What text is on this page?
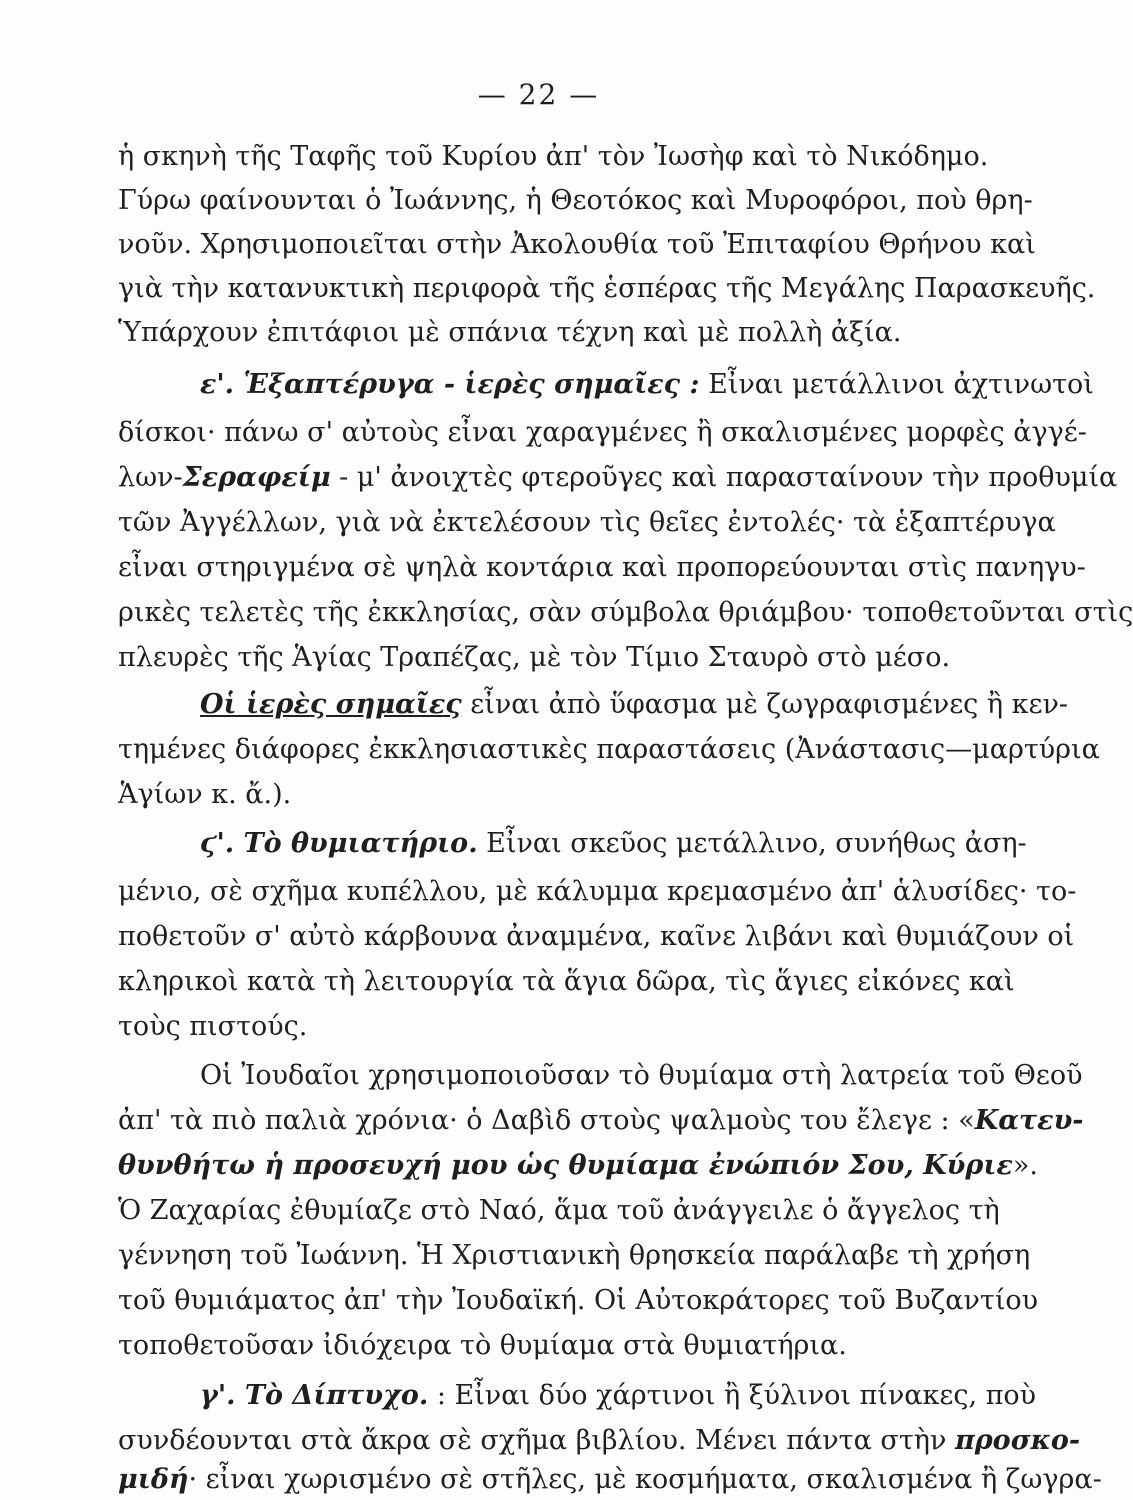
— 22 —
ἡ σκηνὴ τῆς Ταφῆς τοῦ Κυρίου ἀπ' τὸν Ἰωσὴφ καὶ τὸ Νικόδημο.
Γύρω φαίνουνται ὁ Ἰωάννης, ἡ Θεοτόκος καὶ Μυροφόροι, ποὺ θρη-
νοῦν. Χρησιμοποιεῖται στὴν Ἀκολουθία τοῦ Ἐπιταφίου Θρήνου καὶ
γιὰ τὴν κατανυκτικὴ περιφορὰ τῆς ἑσπέρας τῆς Μεγάλης Παρασκευῆς.
Ὑπάρχουν ἐπιτάφιοι μὲ σπάνια τέχνη καὶ μὲ πολλὴ ἀξία.
ε'. Ἑξαπτέρυγα - ἱερὲς σημαῖες : Εἶναι μετάλλινοι ἀχτινωτοὶ
δίσκοι· πάνω σ' αὐτοὺς εἶναι χαραγμένες ἢ σκαλισμένες μορφὲς ἀγγέ-
λων-Σεραφείμ - μ' ἀνοιχτὲς φτεροῦγες καὶ παρασταίνουν τὴν προθυμία
τῶν Ἀγγέλλων, γιὰ νὰ ἐκτελέσουν τὶς θεῖες ἐντολές· τὰ ἑξαπτέρυγα
εἶναι στηριγμένα σὲ ψηλὰ κοντάρια καὶ προπορεύουνται στὶς πανηγυ-
ρικὲς τελετὲς τῆς ἐκκλησίας, σὰν σύμβολα θριάμβου· τοποθετοῦνται στὶς
πλευρὲς τῆς Ἁγίας Τραπέζας, μὲ τὸν Τίμιο Σταυρὸ στὸ μέσο.
Οἱ ἱερὲς σημαῖες εἶναι ἀπὸ ὕφασμα μὲ ζωγραφισμένες ἢ κεν-
τημένες διάφορες ἐκκλησιαστικὲς παραστάσεις (Ἀνάστασις—μαρτύρια
Ἁγίων κ. ἄ.).
ϛ'. Τὸ θυμιατήριο. Εἶναι σκεῦος μετάλλινο, συνήθως ἀση-
μένιο, σὲ σχῆμα κυπέλλου, μὲ κάλυμμα κρεμασμένο ἀπ' ἁλυσίδες· το-
ποθετοῦν σ' αὐτὸ κάρβουνα ἀναμμένα, καῖνε λιβάνι καὶ θυμιάζουν οἱ
κληρικοὶ κατὰ τὴ λειτουργία τὰ ἅγια δῶρα, τὶς ἅγιες εἰκόνες καὶ
τοὺς πιστούς.
Οἱ Ἰουδαῖοι χρησιμοποιοῦσαν τὸ θυμίαμα στὴ λατρεία τοῦ Θεοῦ
ἀπ' τὰ πιὸ παλιὰ χρόνια· ὁ Δαβὶδ στοὺς ψαλμοὺς του ἔλεγε : «Κατευ-
θυνθήτω ἡ προσευχή μου ὡς θυμίαμα ἐνώπιόν Σου, Κύριε».
Ὁ Ζαχαρίας ἐθυμίαζε στὸ Ναό, ἅμα τοῦ ἀνάγγειλε ὁ ἄγγελος τὴ
γέννηση τοῦ Ἰωάννη. Ἡ Χριστιανικὴ θρησκεία παράλαβε τὴ χρήση
τοῦ θυμιάματος ἀπ' τὴν Ἰουδαϊκή. Οἱ Αὐτοκράτορες τοῦ Βυζαντίου
τοποθετοῦσαν ἰδιόχειρα τὸ θυμίαμα στὰ θυμιατήρια.
γ'. Τὸ Δίπτυχο. : Εἶναι δύο χάρτινοι ἢ ξύλινοι πίνακες, ποὺ
συνδέουνται στὰ ἄκρα σὲ σχῆμα βιβλίου. Μένει πάντα στὴν προσκο-
μιδή· εἶναι χωρισμένο σὲ στῆλες, μὲ κοσμήματα, σκαλισμένα ἢ ζωγρα-
